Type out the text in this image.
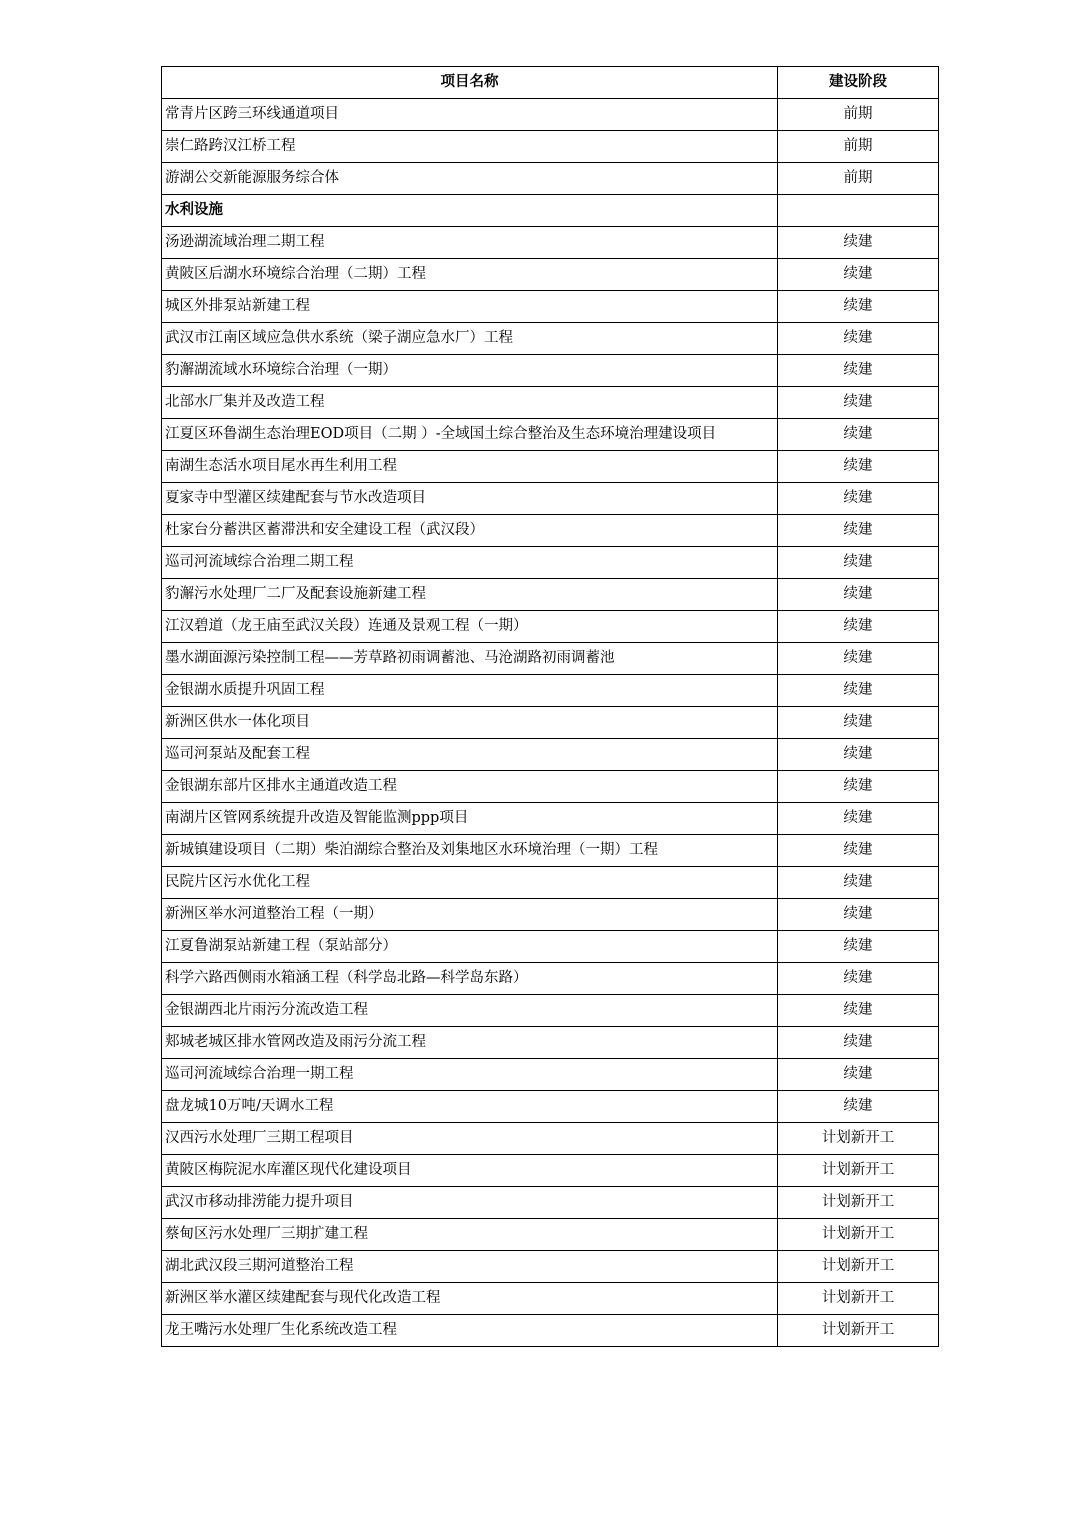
项目名称	建设阶段
常青片区跨三环线通道项目	前期
崇仁路跨汉江桥工程	前期
游湖公交新能源服务综合体	前期
水利设施	
汤逊湖流域治理二期工程	续建
黄陂区后湖水环境综合治理（二期）工程	续建
城区外排泵站新建工程	续建
武汉市江南区域应急供水系统（梁子湖应急水厂）工程	续建
豹澥湖流域水环境综合治理（一期）	续建
北部水厂集并及改造工程	续建
江夏区环鲁湖生态治理EOD项目（二期 ）-全域国土综合整治及生态环境治理建设项目	续建
南湖生态活水项目尾水再生利用工程	续建
夏家寺中型灌区续建配套与节水改造项目	续建
杜家台分蓄洪区蓄滞洪和安全建设工程（武汉段）	续建
巡司河流域综合治理二期工程	续建
豹澥污水处理厂二厂及配套设施新建工程	续建
江汉碧道（龙王庙至武汉关段）连通及景观工程（一期）	续建
墨水湖面源污染控制工程——芳草路初雨调蓄池、马沧湖路初雨调蓄池	续建
金银湖水质提升巩固工程	续建
新洲区供水一体化项目	续建
巡司河泵站及配套工程	续建
金银湖东部片区排水主通道改造工程	续建
南湖片区管网系统提升改造及智能监测ppp项目	续建
新城镇建设项目（二期）柴泊湖综合整治及刘集地区水环境治理（一期）工程	续建
民院片区污水优化工程	续建
新洲区举水河道整治工程（一期）	续建
江夏鲁湖泵站新建工程（泵站部分）	续建
科学六路西侧雨水箱涵工程（科学岛北路—科学岛东路）	续建
金银湖西北片雨污分流改造工程	续建
郏城老城区排水管网改造及雨污分流工程	续建
巡司河流域综合治理一期工程	续建
盘龙城10万吨/天调水工程	续建
汉西污水处理厂三期工程项目	计划新开工
黄陂区梅院泥水库灌区现代化建设项目	计划新开工
武汉市移动排涝能力提升项目	计划新开工
蔡甸区污水处理厂三期扩建工程	计划新开工
湖北武汉段三期河道整治工程	计划新开工
新洲区举水灌区续建配套与现代化改造工程	计划新开工
龙王嘴污水处理厂生化系统改造工程	计划新开工
